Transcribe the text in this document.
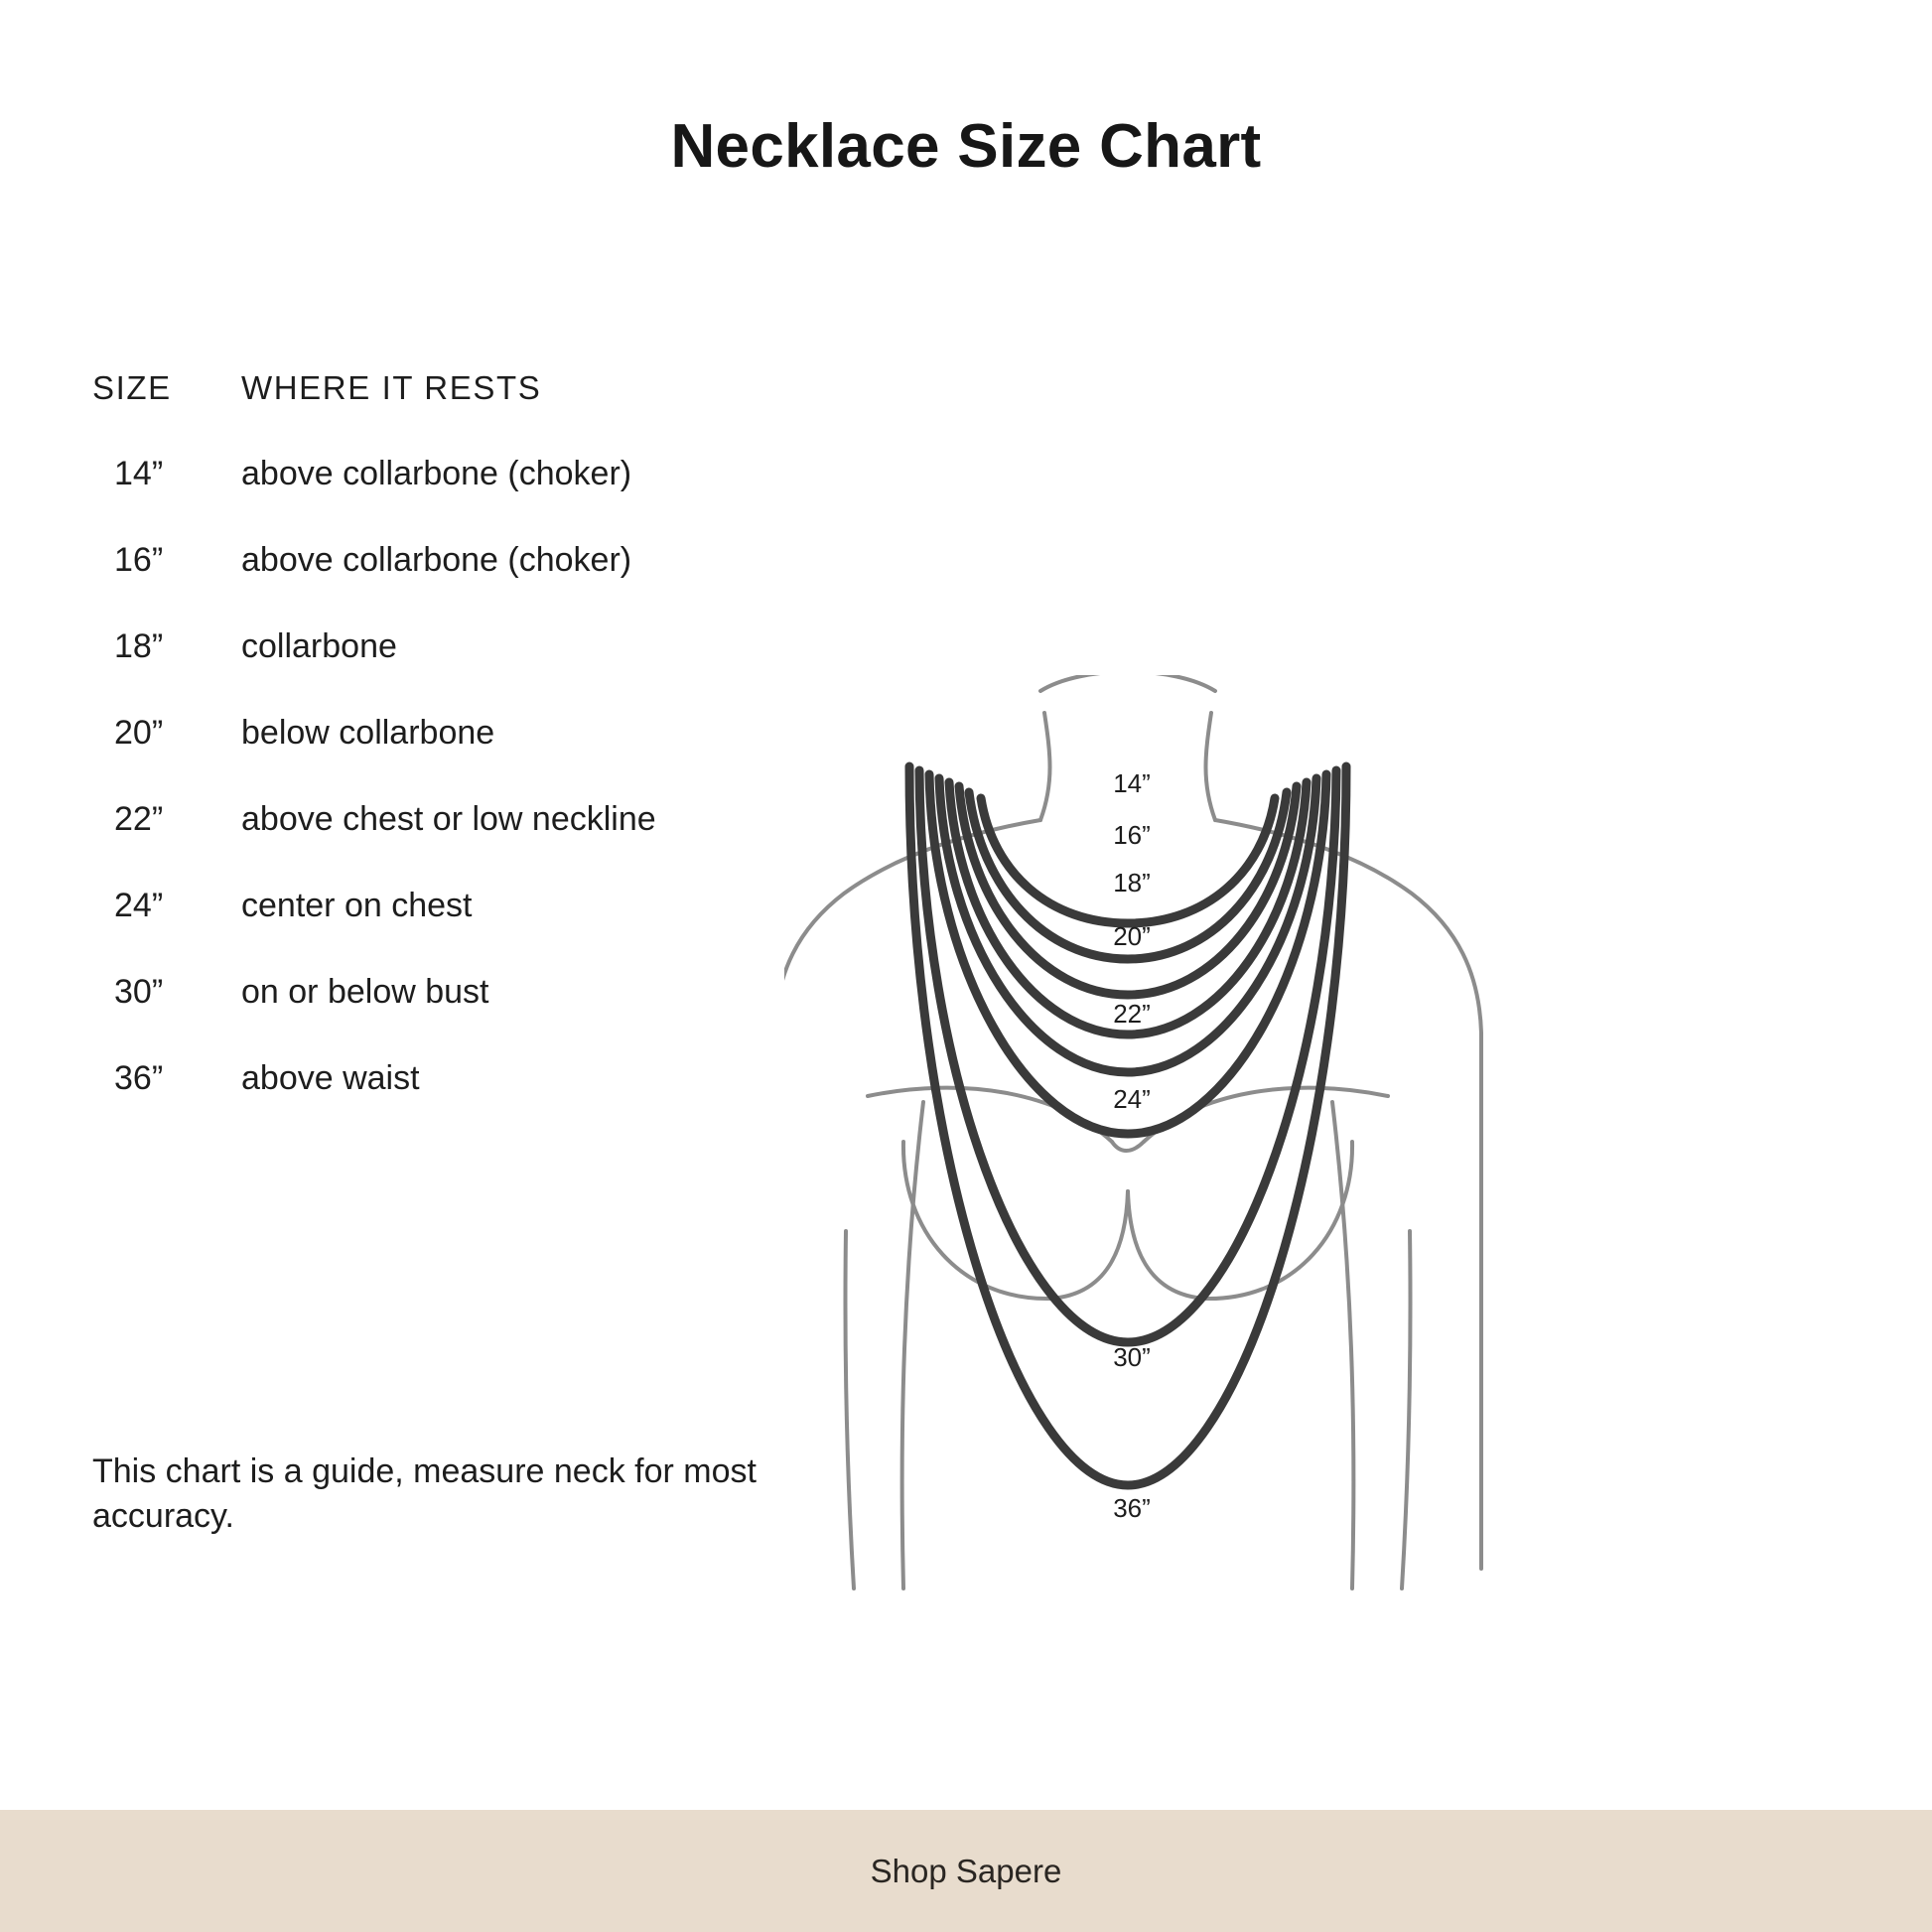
Necklace Size Chart
SIZE	WHERE IT RESTS
14”	above collarbone (choker)
16”	above collarbone (choker)
18”	collarbone
20”	below collarbone
22”	above chest or low neckline
24”	center on chest
30”	on or below bust
36”	above waist
This chart is a guide, measure neck for most accuracy.
14”
16”
18”
20”
22”
24”
30”
36”
Shop Sapere
